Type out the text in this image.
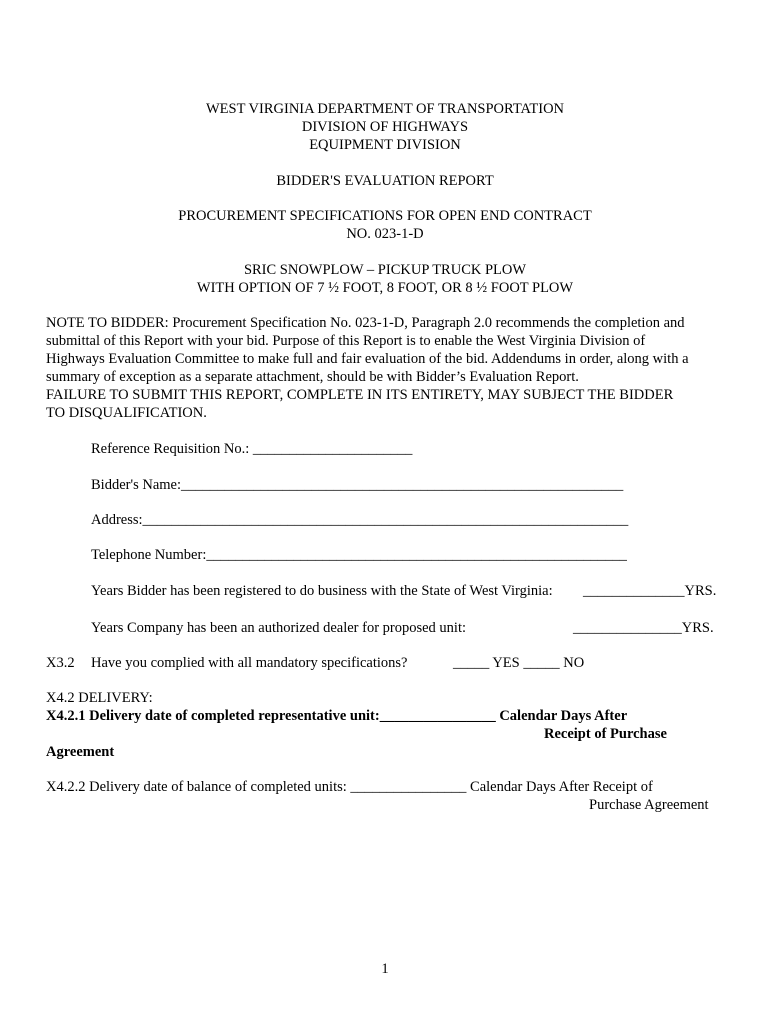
WEST VIRGINIA DEPARTMENT OF TRANSPORTATION
DIVISION OF HIGHWAYS
EQUIPMENT DIVISION
BIDDER'S EVALUATION REPORT
PROCUREMENT SPECIFICATIONS FOR OPEN END CONTRACT
NO. 023-1-D
SRIC SNOWPLOW – PICKUP TRUCK PLOW
WITH OPTION OF 7 ½ FOOT, 8 FOOT, OR 8 ½ FOOT PLOW
NOTE TO BIDDER: Procurement Specification No. 023-1-D, Paragraph 2.0 recommends the completion and
submittal of this Report with your bid. Purpose of this Report is to enable the West Virginia Division of
Highways Evaluation Committee to make full and fair evaluation of the bid. Addendums in order, along with a
summary of exception as a separate attachment, should be with Bidder’s Evaluation Report.
FAILURE TO SUBMIT THIS REPORT, COMPLETE IN ITS ENTIRETY, MAY SUBJECT THE BIDDER
TO DISQUALIFICATION.
Reference Requisition No.: ______________________
Bidder's Name:_____________________________________________________________
Address:___________________________________________________________________
Telephone Number:__________________________________________________________
Years Bidder has been registered to do business with the State of West Virginia: ______________YRS.
Years Company has been an authorized dealer for proposed unit:	_______________YRS.
X3.2 Have you complied with all mandatory specifications?	_____ YES _____ NO
X4.2 DELIVERY:
X4.2.1 Delivery date of completed representative unit:________________ Calendar Days After
Receipt of Purchase
Agreement
X4.2.2 Delivery date of balance of completed units: ________________ Calendar Days After Receipt of
Purchase Agreement
1
